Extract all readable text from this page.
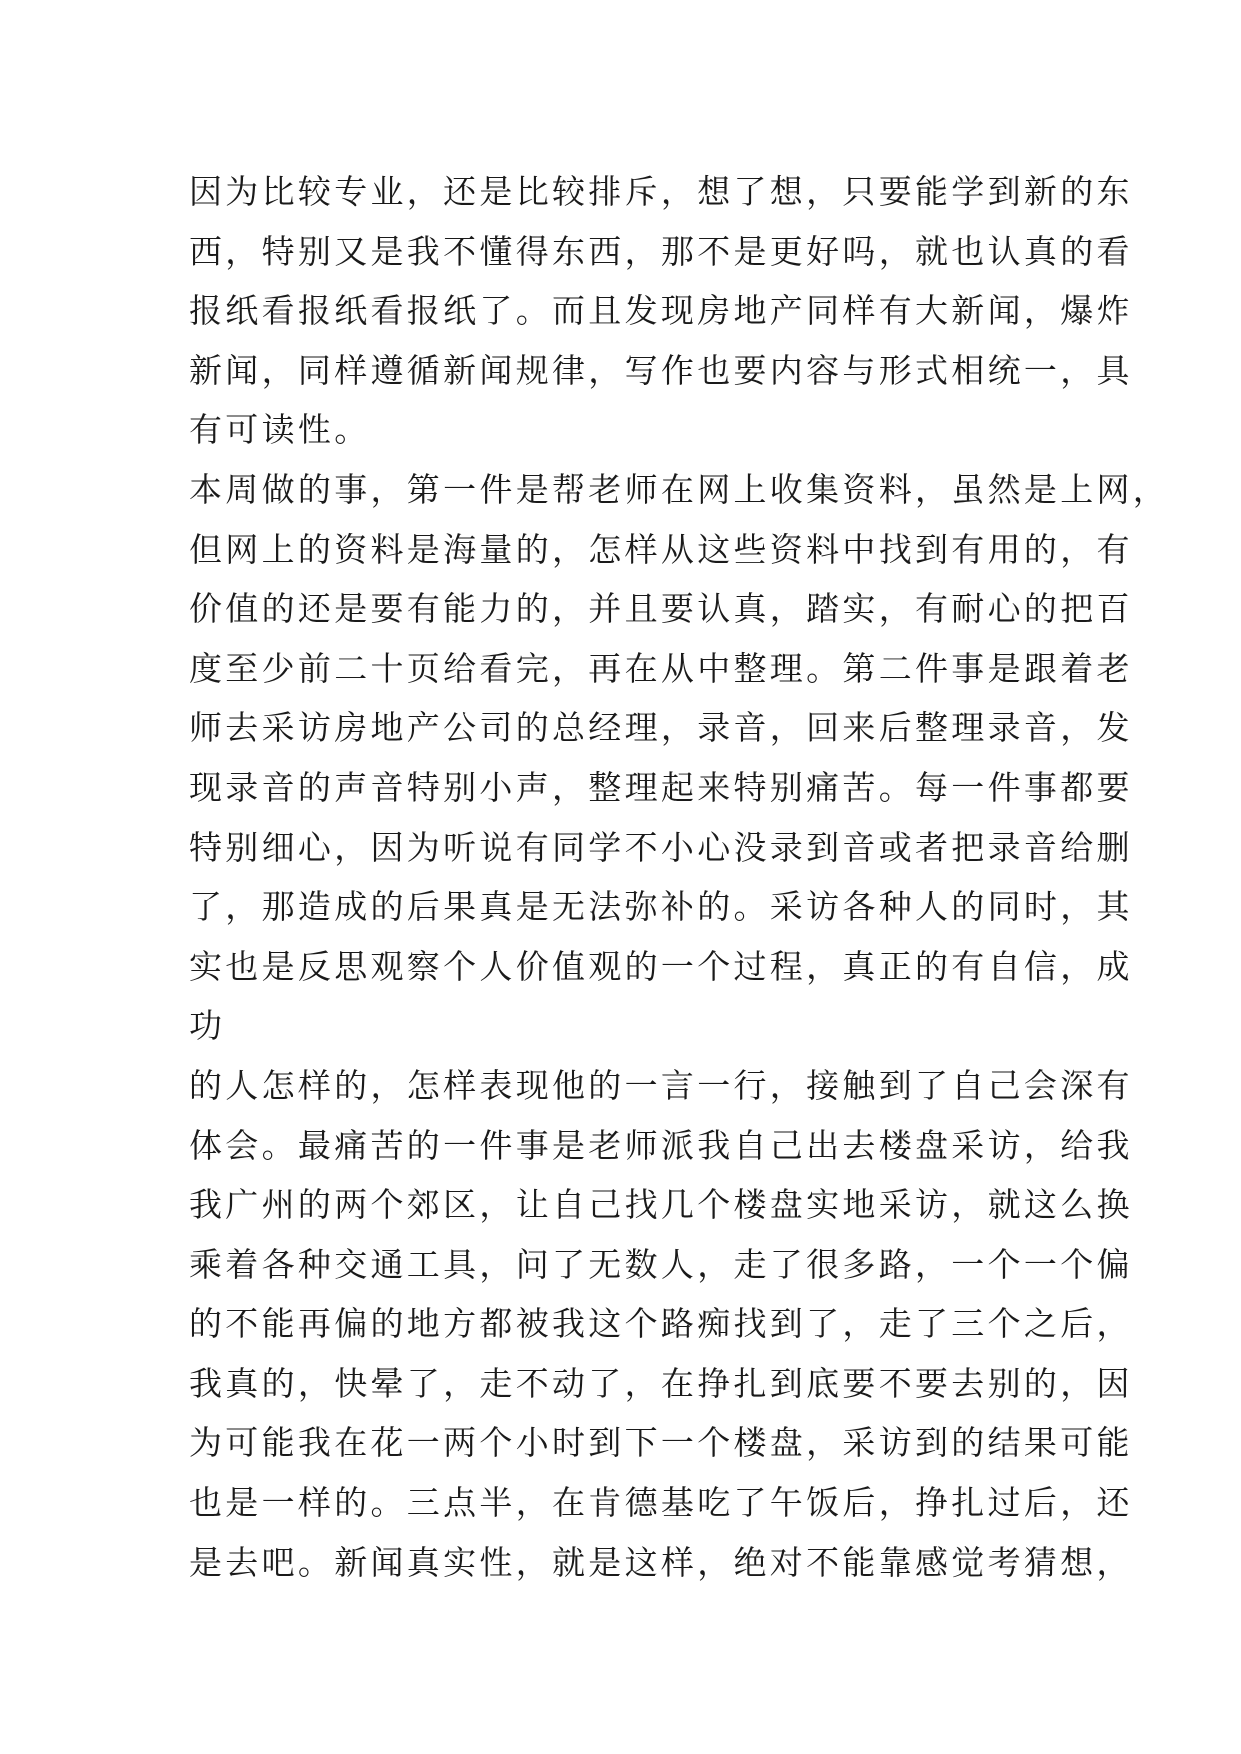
因为比较专业，还是比较排斥，想了想，只要能学到新的东
西，特别又是我不懂得东西，那不是更好吗，就也认真的看
报纸看报纸看报纸了。而且发现房地产同样有大新闻，爆炸
新闻，同样遵循新闻规律，写作也要内容与形式相统一，具
有可读性。
本周做的事，第一件是帮老师在网上收集资料，虽然是上网，
但网上的资料是海量的，怎样从这些资料中找到有用的，有
价值的还是要有能力的，并且要认真，踏实，有耐心的把百
度至少前二十页给看完，再在从中整理。第二件事是跟着老
师去采访房地产公司的总经理，录音，回来后整理录音，发
现录音的声音特别小声，整理起来特别痛苦。每一件事都要
特别细心，因为听说有同学不小心没录到音或者把录音给删
了，那造成的后果真是无法弥补的。采访各种人的同时，其
实也是反思观察个人价值观的一个过程，真正的有自信，成
功
的人怎样的，怎样表现他的一言一行，接触到了自己会深有
体会。最痛苦的一件事是老师派我自己出去楼盘采访，给我
我广州的两个郊区，让自己找几个楼盘实地采访，就这么换
乘着各种交通工具，问了无数人，走了很多路，一个一个偏
的不能再偏的地方都被我这个路痴找到了，走了三个之后，
我真的，快晕了，走不动了，在挣扎到底要不要去别的，因
为可能我在花一两个小时到下一个楼盘，采访到的结果可能
也是一样的。三点半，在肯德基吃了午饭后，挣扎过后，还
是去吧。新闻真实性，就是这样，绝对不能靠感觉考猜想，
